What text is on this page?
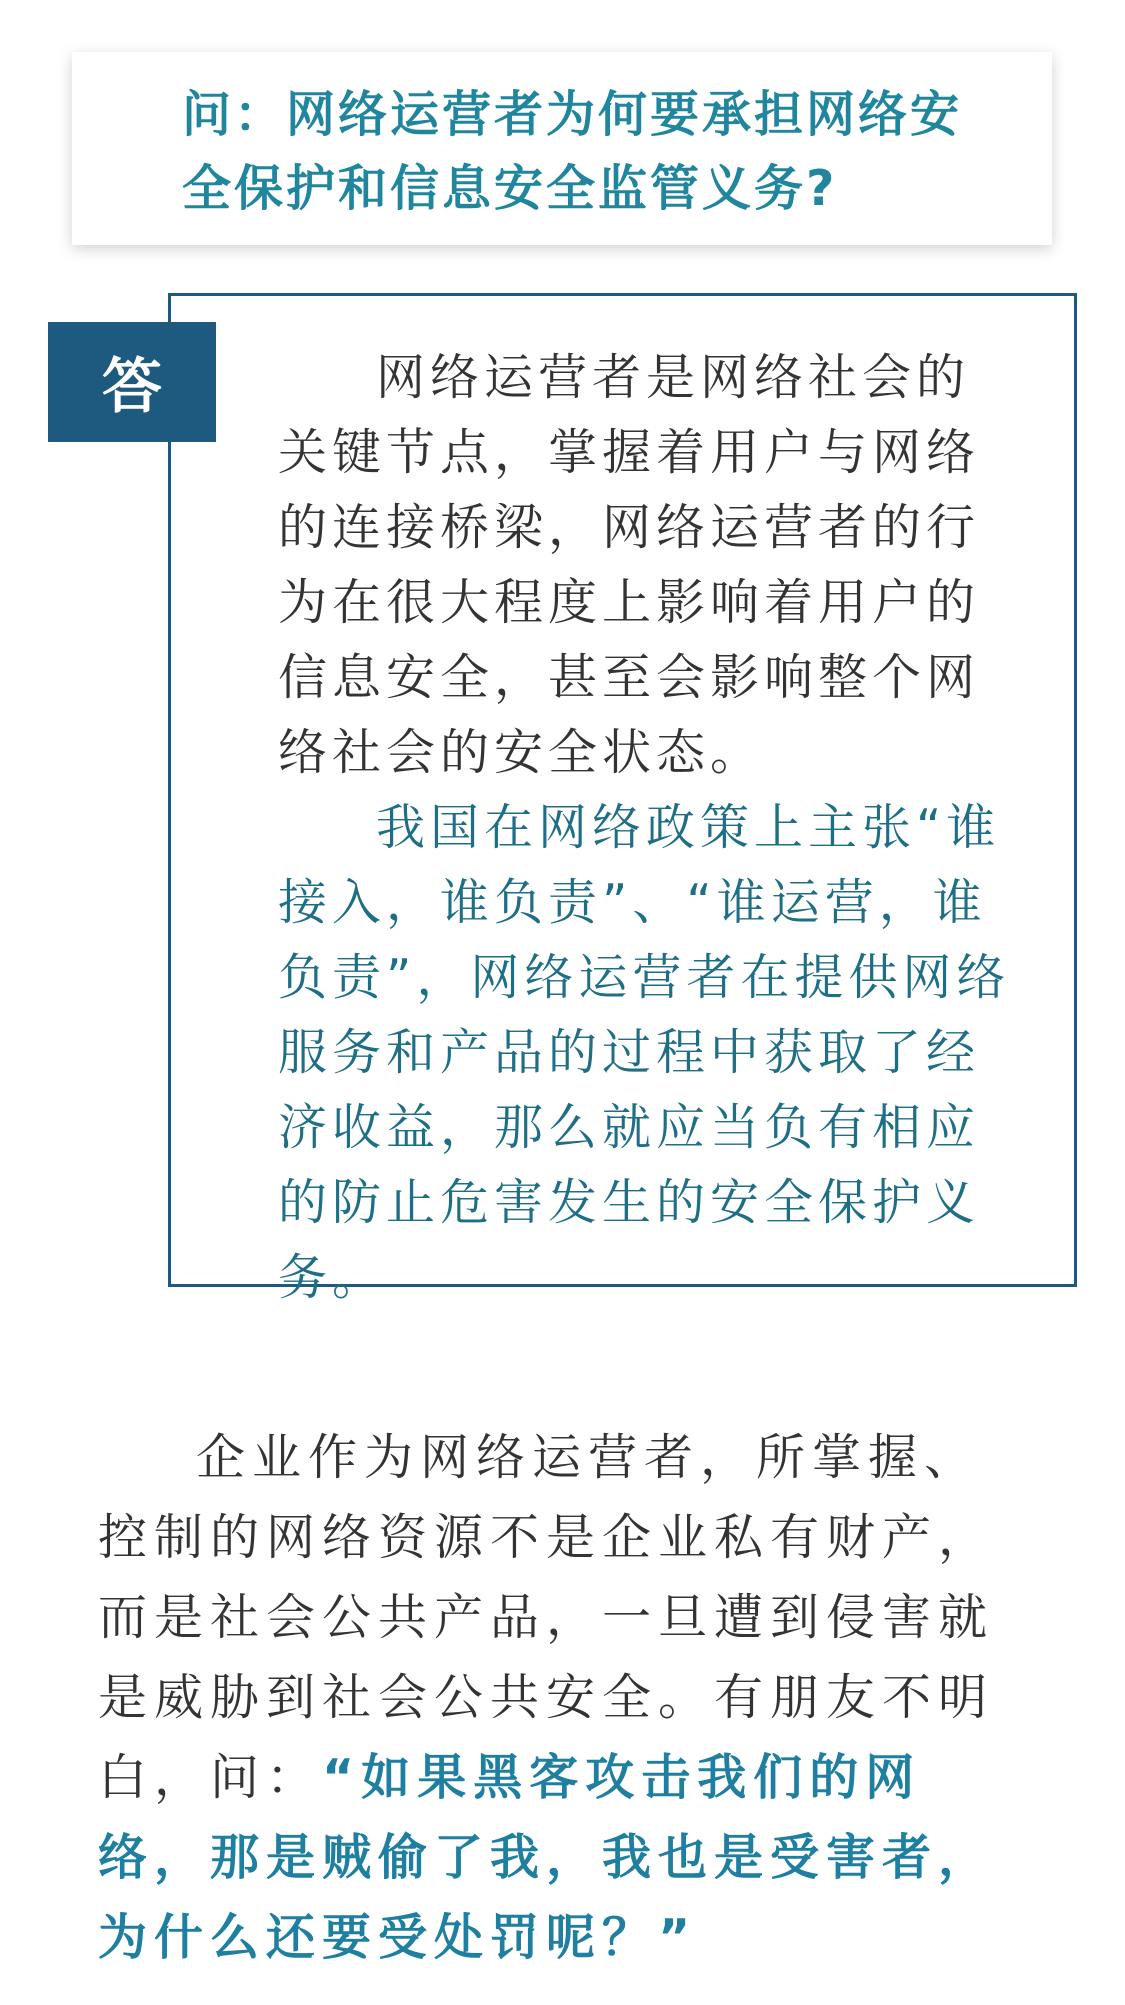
问：网络运营者为何要承担网络安全保护和信息安全监管义务?

答	网络运营者是网络社会的关键节点，掌握着用户与网络的连接桥梁，网络运营者的行为在很大程度上影响着用户的信息安全，甚至会影响整个网络社会的安全状态。

我国在网络政策上主张“谁接入，谁负责”、“谁运营，谁负责”，网络运营者在提供网络服务和产品的过程中获取了经济收益，那么就应当负有相应的防止危害发生的安全保护义务。

企业作为网络运营者，所掌握、控制的网络资源不是企业私有财产，而是社会公共产品，一旦遭到侵害就是威胁到社会公共安全。有朋友不明白，问：“如果黑客攻击我们的网络，那是贼偷了我，我也是受害者，为什么还要受处罚呢？”
